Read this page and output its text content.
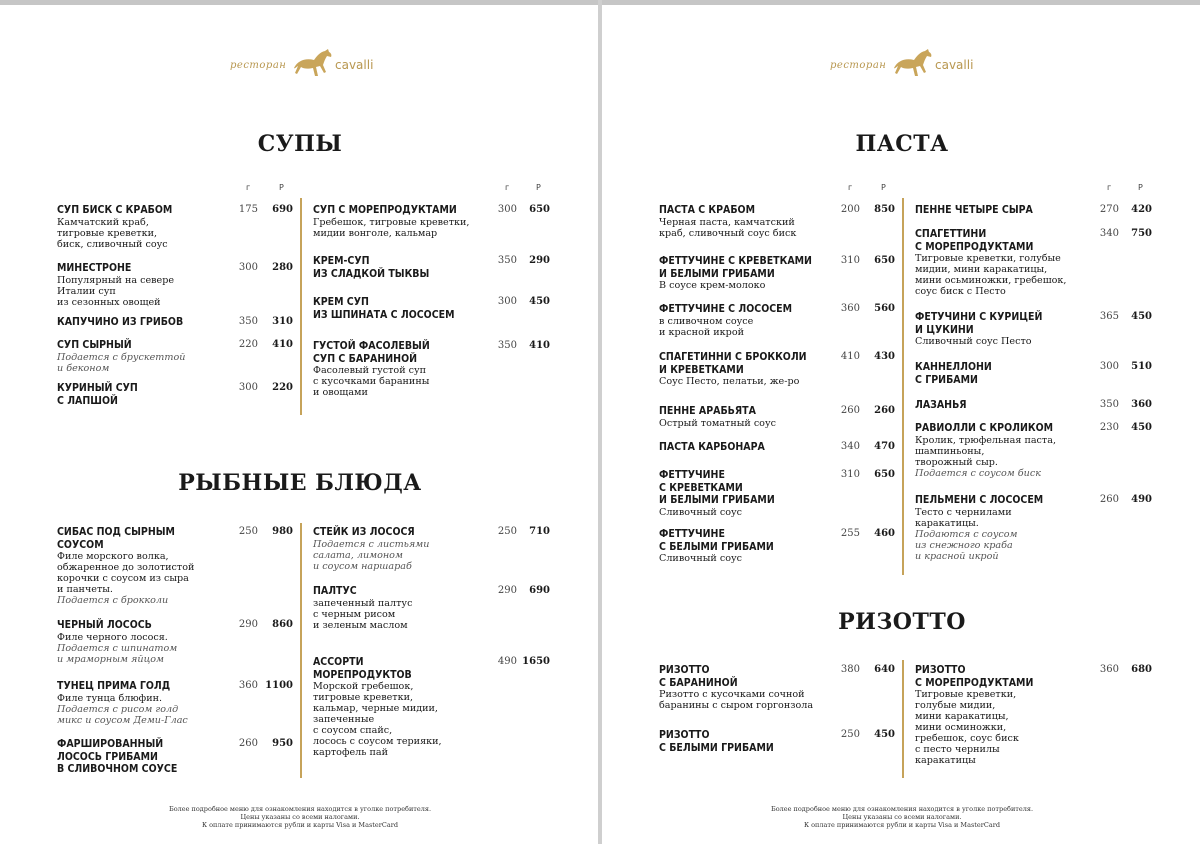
ресторан	cavalli
СУПЫ
г	Р	г	Р
СУП БИСК С КРАБОМ
Камчатский краб,
тигровые креветки,
биск, сливочный соус
175	690
МИНЕСТРОНЕ
Популярный на севере
Италии суп
из сезонных овощей
300	280
КАПУЧИНО ИЗ ГРИБОВ	350	310
СУП СЫРНЫЙ
Подается с брускеттой
и беконом
220	410
КУРИНЫЙ СУП
С ЛАПШОЙ
300	220
СУП С МОРЕПРОДУКТАМИ
Гребешок, тигровые креветки,
мидии вонголе, кальмар
300	650
КРЕМ-СУП
ИЗ СЛАДКОЙ ТЫКВЫ
350	290
КРЕМ СУП
ИЗ ШПИНАТА С ЛОСОСЕМ
300	450
ГУСТОЙ ФАСОЛЕВЫЙ
СУП С БАРАНИНОЙ
Фасолевый густой суп
с кусочками баранины
и овощами
350	410
РЫБНЫЕ БЛЮДА
СИБАС ПОД СЫРНЫМ
СОУСОМ
Филе морского волка,
обжаренное до золотистой
корочки с соусом из сыра
и панчеты.
Подается с брокколи
250	980
ЧЕРНЫЙ ЛОСОСЬ
Филе черного лосося.
Подается с шпинатом
и мраморным яйцом
290	860
ТУНЕЦ ПРИМА ГОЛД
Филе тунца блюфин.
Подается с рисом голд
микс и соусом Деми-Глас
360 1100
ФАРШИРОВАННЫЙ
ЛОСОСЬ ГРИБАМИ
В СЛИВОЧНОМ СОУСЕ
260	950
СТЕЙК ИЗ ЛОСОСЯ
Подается с листьями
салата, лимоном
и соусом наршараб
250	710
ПАЛТУС
запеченный палтус
с черным рисом
и зеленым маслом
290	690
АССОРТИ
МОРЕПРОДУКТОВ
Морской гребешок,
тигровые креветки,
кальмар, черные мидии,
запеченные
с соусом спайс,
лосось с соусом терияки,
картофель пай
490 1650
Более подробное меню для ознакомления находится в уголке потребителя.
Цены указаны со всеми налогами.
К оплате принимаются рубли и карты Visa и MasterCard
ресторан	cavalli
ПАСТА
г	Р	г	Р
ПАСТА С КРАБОМ
Черная паста, камчатский
краб, сливочный соус биск
200	850
ФЕТТУЧИНЕ С КРЕВЕТКАМИ
И БЕЛЫМИ ГРИБАМИ
В соусе крем-молоко
310	650
ФЕТТУЧИНЕ С ЛОСОСЕМ
в сливочном соусе
и красной икрой
360	560
СПАГЕТИННИ С БРОККОЛИ
И КРЕВЕТКАМИ
Соус Песто, пелатьи, же-ро
410	430
ПЕННЕ АРАБЬЯТА
Острый томатный соус
260	260
ПАСТА КАРБОНАРА	340	470
ФЕТТУЧИНЕ
С КРЕВЕТКАМИ
И БЕЛЫМИ ГРИБАМИ
Сливочный соус
310	650
ФЕТТУЧИНЕ
С БЕЛЫМИ ГРИБАМИ
Сливочный соус
255	460
ПЕННЕ ЧЕТЫРЕ СЫРА	270	420
СПАГЕТТИНИ
С МОРЕПРОДУКТАМИ
Тигровые креветки, голубые
мидии, мини каракатицы,
мини осьминожки, гребешок,
соус биск с Песто
340	750
ФЕТУЧИНИ С КУРИЦЕЙ
И ЦУКИНИ
Сливочный соус Песто
365	450
КАННЕЛЛОНИ
С ГРИБАМИ
300	510
ЛАЗАНЬЯ	350	360
РАВИОЛЛИ С КРОЛИКОМ
Кролик, трюфельная паста,
шампиньоны,
творожный сыр.
Подается с соусом биск
230	450
ПЕЛЬМЕНИ С ЛОСОСЕМ
Тесто с чернилами
каракатицы.
Подаются с соусом
из снежного краба
и красной икрой
260	490
РИЗОТТО
РИЗОТТО
С БАРАНИНОЙ
Ризотто с кусочками сочной
баранины с сыром горгонзола
380	640
РИЗОТТО
С БЕЛЫМИ ГРИБАМИ
250	450
РИЗОТТО
С МОРЕПРОДУКТАМИ
Тигровые креветки,
голубые мидии,
мини каракатицы,
мини осминожки,
гребешок, соус биск
с песто чернилы
каракатицы
360	680
Более подробное меню для ознакомления находится в уголке потребителя.
Цены указаны со всеми налогами.
К оплате принимаются рубли и карты Visa и MasterCard
